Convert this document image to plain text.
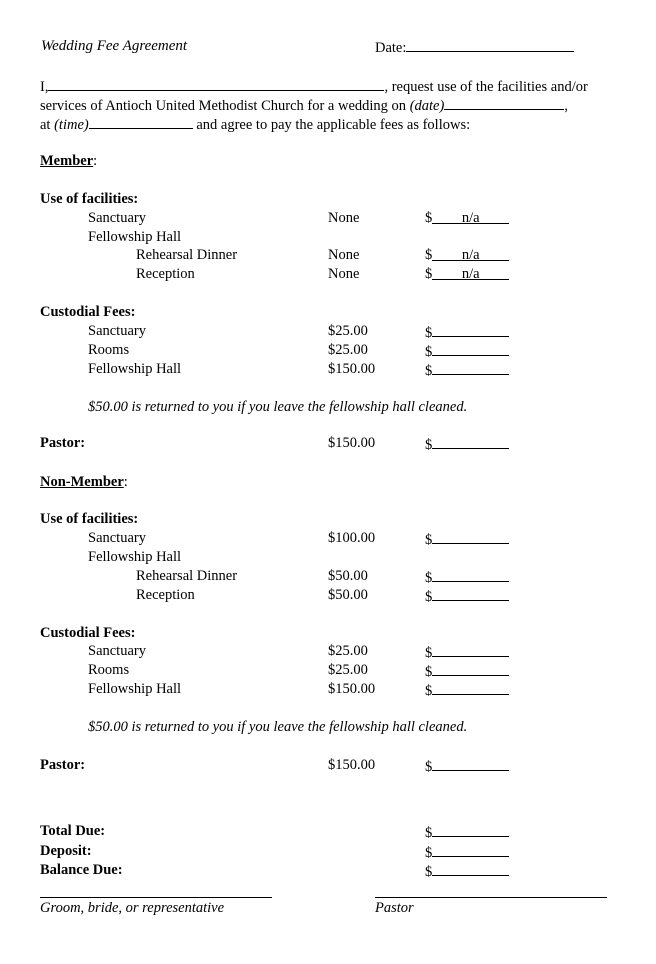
Wedding Fee Agreement	Date:
I,	, request use of the facilities and/or
services of Antioch United Methodist Church for a wedding on (date)	,
at (time)	and agree to pay the applicable fees as follows:
Member:
Use of facilities:
Sanctuary	None	$ n/a
Fellowship Hall
Rehearsal Dinner	None	$ n/a
Reception	None	$ n/a
Custodial Fees:
Sanctuary	$25.00	$
Rooms	$25.00	$
Fellowship Hall	$150.00	$
$50.00 is returned to you if you leave the fellowship hall cleaned.
Pastor:	$150.00	$
Non-Member:
Use of facilities:
Sanctuary	$100.00	$
Fellowship Hall
Rehearsal Dinner	$50.00	$
Reception	$50.00	$
Custodial Fees:
Sanctuary	$25.00	$
Rooms	$25.00	$
Fellowship Hall	$150.00	$
$50.00 is returned to you if you leave the fellowship hall cleaned.
Pastor:	$150.00	$
Total Due:	$
Deposit:	$
Balance Due:	$
Groom, bride, or representative	Pastor
